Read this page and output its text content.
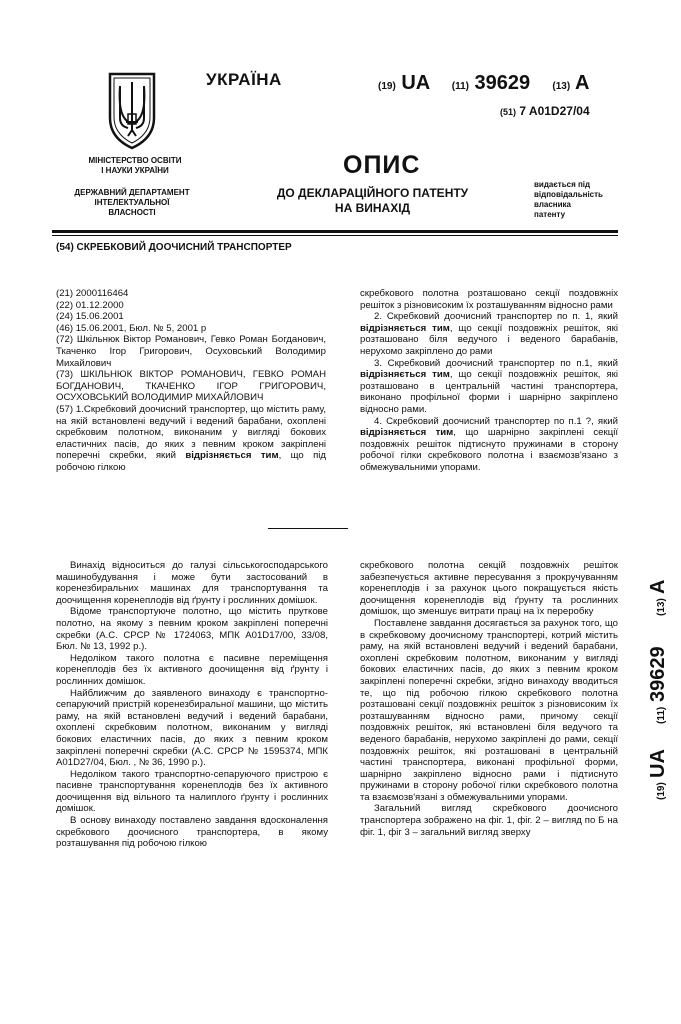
МІНІСТЕРСТВО ОСВІТИ
І НАУКИ УКРАЇНИ
ДЕРЖАВНИЙ ДЕПАРТАМЕНТ
ІНТЕЛЕКТУАЛЬНОЇ
ВЛАСНОСТІ
УКРАЇНА	(19) UA (11) 39629 (13) A
(51) 7 A01D27/04
ОПИС
ДО ДЕКЛАРАЦІЙНОГО ПАТЕНТУ
НА ВИНАХІД
видається під
відповідальність
власника
патенту
(54) СКРЕБКОВИЙ ДООЧИСНИЙ ТРАНСПОРТЕР

(21) 2000116464

(22) 01.12.2000

(24) 15.06.2001

(46) 15.06.2001, Бюл. № 5, 2001 р

(72) Шкільнюк Віктор Романович, Гевко Роман Богданович, Ткаченко Ігор Григорович, Осуховський Володимир Михайлович

(73) ШКІЛЬНЮК ВІКТОР РОМАНОВИЧ, ГЕВКО РОМАН БОГДАНОВИЧ, ТКАЧЕНКО ІГОР ГРИГОРОВИЧ, ОСУХОВСЬКИЙ ВОЛОДИМИР МИХАЙЛОВИЧ

(57) 1.Скребковий доочисний транспортер, що містить раму, на якій встановлені ведучий і ведений барабани, охоплені скребковим полотном, виконаним у вигляді бокових еластичних пасів, до яких з певним кроком закріплені поперечні скребки, який відрізняється тим, що під робочою гілкою

скребкового полотна розташовано секції поздовжніх решіток з різновисоким їх розташуванням відносно рами

2. Скребковий доочисний транспортер по п. 1, який відрізняється тим, що секції поздовжніх решіток, які розташовано біля ведучого і веденого барабанів, нерухомо закріплено до рами

3. Скребковий доочисний транспортер по п.1, який відрізняється тим, що секції поздовжніх решіток, які розташовано в центральній частині транспортера, виконано профільної форми і шарнірно закріплено відносно рами.

4. Скребковий доочисний транспортер по п.1 ?, який відрізняється тим, що шарнірно закріплені секції поздовжніх решіток підтиснуто пружинами в сторону робочої гілки скребкового полотна і взаємозв'язано з обмежувальними упорами.

Винахід відноситься до галузі сільськогосподарського машинобудування і може бути застосований в коренезбиральних машинах для транспортування та доочищення коренеплодів від ґрунту і рослинних домішок.

Відоме транспортуюче полотно, що містить пруткове полотно, на якому з певним кроком закріплені поперечні скребки (А.С. СРСР № 1724063, МПК А01D17/00, 33/08, Бюл. № 13, 1992 р.).

Недоліком такого полотна є пасивне переміщення коренеплодів без їх активного доочищення від ґрунту і рослинних домішок.

Найближчим до заявленого винаходу є транспортно-сепаруючий пристрій коренезбиральної машини, що містить раму, на якій встановлені ведучий і ведений барабани, охоплені скребковим полотном, виконаним у вигляді бокових еластичних пасів, до яких з певним кроком закріплені поперечні скребки (А.С. СРСР № 1595374, МПК А01D27/04, Бюл. , № 36, 1990 р.).

Недоліком такого транспортно-сепаруючого пристрою є пасивне транспортування коренеплодів без їх активного доочищення від вільного та налиплого ґрунту і рослинних домішок.

В основу винаходу поставлено завдання вдосконалення скребкового доочисного транспортера, в якому розташування під робочою гілкою

скребкового полотна секцій поздовжніх решіток забезпечується активне пересування з прокручуванням коренеплодів і за рахунок цього покращується якість доочищення коренеплодів від ґрунту та рослинних домішок, що зменшує витрати праці на їх переробку

Поставлене завдання досягається за рахунок того, що в скребковому доочисному транспортері, котрий містить раму, на якій встановлені ведучий і ведений барабани, охоплені скребковим полотном, виконаним у вигляді бокових еластичних пасів, до яких з певним кроком закріплені поперечні скребки, згідно винаходу вводиться те, що під робочою гілкою скребкового полотна розташовані секції поздовжніх решіток з різновисоким їх розташуванням відносно рами, причому секції поздовжніх решіток, які встановлені біля ведучого та веденого барабанів, нерухомо закріплені до рами, секції поздовжніх решіток, які розташовані в центральній частині транспортера, виконані профільної форми, шарнірно закріплено відносно рами і підтиснуто пружинами в сторону робочої гілки скребкового полотна та взаємозв'язані з обмежувальними упорами.

Загальний вигляд скребкового доочисного транспортера зображено на фіг. 1, фіг. 2 – вигляд по Б на фіг. 1, фіг 3 – загальний вигляд зверху

(19)
UA
(11)
39629
(13)
A
